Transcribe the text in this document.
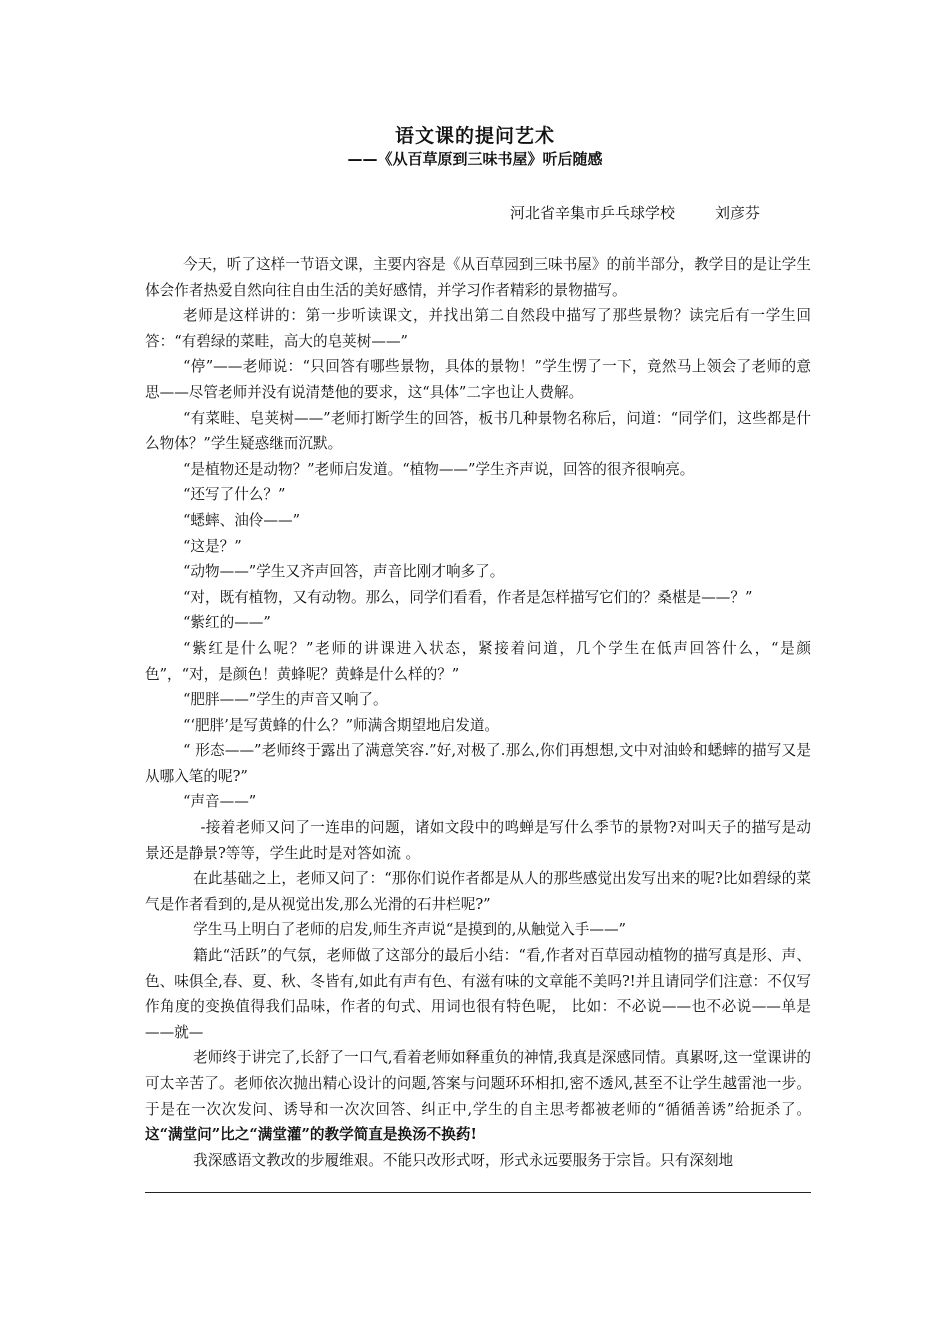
语文课的提问艺术
——《从百草原到三味书屋》听后随感
河北省辛集市乒乓球学校	刘彦芬

今天，听了这样一节语文课，主要内容是《从百草园到三味书屋》的前半部分，教学目的是让学生体会作者热爱自然向往自由生活的美好感情，并学习作者精彩的景物描写。

老师是这样讲的：第一步听读课文，并找出第二自然段中描写了那些景物？读完后有一学生回答：“有碧绿的菜畦，高大的皂荚树——”

“停”——老师说：“只回答有哪些景物，具体的景物！”学生愣了一下，竟然马上领会了老师的意思——尽管老师并没有说清楚他的要求，这“具体”二字也让人费解。

“有菜畦、皂荚树——”老师打断学生的回答，板书几种景物名称后，问道：“同学们，这些都是什么物体？”学生疑惑继而沉默。

“是植物还是动物？”老师启发道。“植物——”学生齐声说，回答的很齐很响亮。

“还写了什么？”

“蟋蟀、油伶——”

“这是？”

“动物——”学生又齐声回答，声音比刚才响多了。

“对，既有植物，又有动物。那么，同学们看看，作者是怎样描写它们的？桑椹是——？”

“紫红的——”

“紫红是什么呢？”老师的讲课进入状态，紧接着问道，几个学生在低声回答什么，“是颜色”，“对，是颜色！黄蜂呢？黄蜂是什么样的？”

“肥胖——”学生的声音又响了。

“‘肥胖’是写黄蜂的什么？”师满含期望地启发道。

“ 形态——”老师终于露出了满意笑容.”好,对极了.那么,你们再想想,文中对油蛉和蟋蟀的描写又是从哪入笔的呢?”

“声音——”

-接着老师又问了一连串的问题，诸如文段中的鸣蝉是写什么季节的景物?对叫天子的描写是动景还是静景?等等，学生此时是对答如流 。

在此基础之上，老师又问了：“那你们说作者都是从人的那些感觉出发写出来的呢?比如碧绿的菜气是作者看到的,是从视觉出发,那么光滑的石井栏呢?”

学生马上明白了老师的启发,师生齐声说“是摸到的,从触觉入手——”

籍此“活跃”的气氛，老师做了这部分的最后小结：“看,作者对百草园动植物的描写真是形、声、色、味俱全,春、夏、秋、冬皆有,如此有声有色、有滋有味的文章能不美吗?!并且请同学们注意：不仅写作角度的变换值得我们品味，作者的句式、用词也很有特色呢， 比如：不必说——也不必说——单是——就—

老师终于讲完了,长舒了一口气,看着老师如释重负的神情,我真是深感同情。真累呀,这一堂课讲的可太辛苦了。老师依次抛出精心设计的问题,答案与问题环环相扣,密不透风,甚至不让学生越雷池一步。于是在一次次发问、诱导和一次次回答、纠正中,学生的自主思考都被老师的“循循善诱”给扼杀了。这“满堂问”比之“满堂灌”的教学简直是换汤不换药!

我深感语文教改的步履维艰。不能只改形式呀，形式永远要服务于宗旨。只有深刻地
